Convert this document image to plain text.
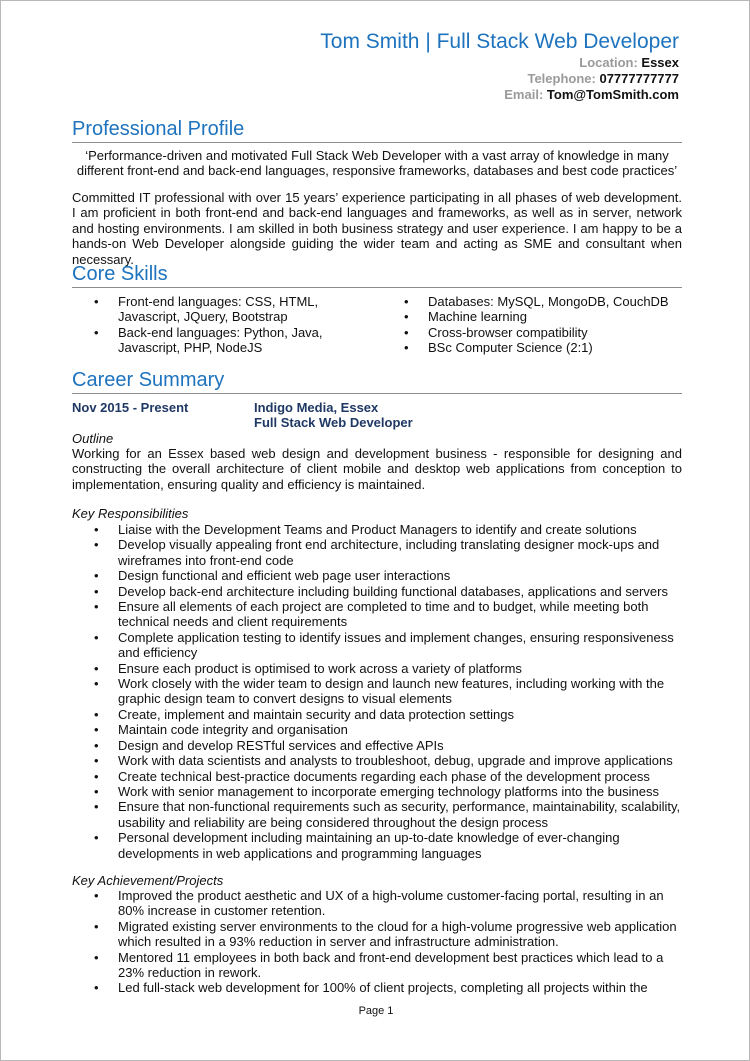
Tom Smith | Full Stack Web Developer
Location: Essex
Telephone: 07777777777
Email: Tom@TomSmith.com
Professional Profile
‘Performance-driven and motivated Full Stack Web Developer with a vast array of knowledge in many different front-end and back-end languages, responsive frameworks, databases and best code practices’
Committed IT professional with over 15 years’ experience participating in all phases of web development. I am proficient in both front-end and back-end languages and frameworks, as well as in server, network and hosting environments. I am skilled in both business strategy and user experience. I am happy to be a hands-on Web Developer alongside guiding the wider team and acting as SME and consultant when necessary.
Core Skills
• Front-end languages: CSS, HTML, Javascript, JQuery, Bootstrap
• Back-end languages: Python, Java, Javascript, PHP, NodeJS
• Databases: MySQL, MongoDB, CouchDB
• Machine learning
• Cross-browser compatibility
• BSc Computer Science (2:1)
Career Summary
Nov 2015 - Present	Indigo Media, Essex
Full Stack Web Developer
Outline
Working for an Essex based web design and development business - responsible for designing and constructing the overall architecture of client mobile and desktop web applications from conception to implementation, ensuring quality and efficiency is maintained.
Key Responsibilities
• Liaise with the Development Teams and Product Managers to identify and create solutions
• Develop visually appealing front end architecture, including translating designer mock-ups and wireframes into front-end code
• Design functional and efficient web page user interactions
• Develop back-end architecture including building functional databases, applications and servers
• Ensure all elements of each project are completed to time and to budget, while meeting both technical needs and client requirements
• Complete application testing to identify issues and implement changes, ensuring responsiveness and efficiency
• Ensure each product is optimised to work across a variety of platforms
• Work closely with the wider team to design and launch new features, including working with the graphic design team to convert designs to visual elements
• Create, implement and maintain security and data protection settings
• Maintain code integrity and organisation
• Design and develop RESTful services and effective APIs
• Work with data scientists and analysts to troubleshoot, debug, upgrade and improve applications
• Create technical best-practice documents regarding each phase of the development process
• Work with senior management to incorporate emerging technology platforms into the business
• Ensure that non-functional requirements such as security, performance, maintainability, scalability, usability and reliability are being considered throughout the design process
• Personal development including maintaining an up-to-date knowledge of ever-changing developments in web applications and programming languages
Key Achievement/Projects
• Improved the product aesthetic and UX of a high-volume customer-facing portal, resulting in an 80% increase in customer retention.
• Migrated existing server environments to the cloud for a high-volume progressive web application which resulted in a 93% reduction in server and infrastructure administration.
• Mentored 11 employees in both back and front-end development best practices which lead to a 23% reduction in rework.
• Led full-stack web development for 100% of client projects, completing all projects within the
Page 1
